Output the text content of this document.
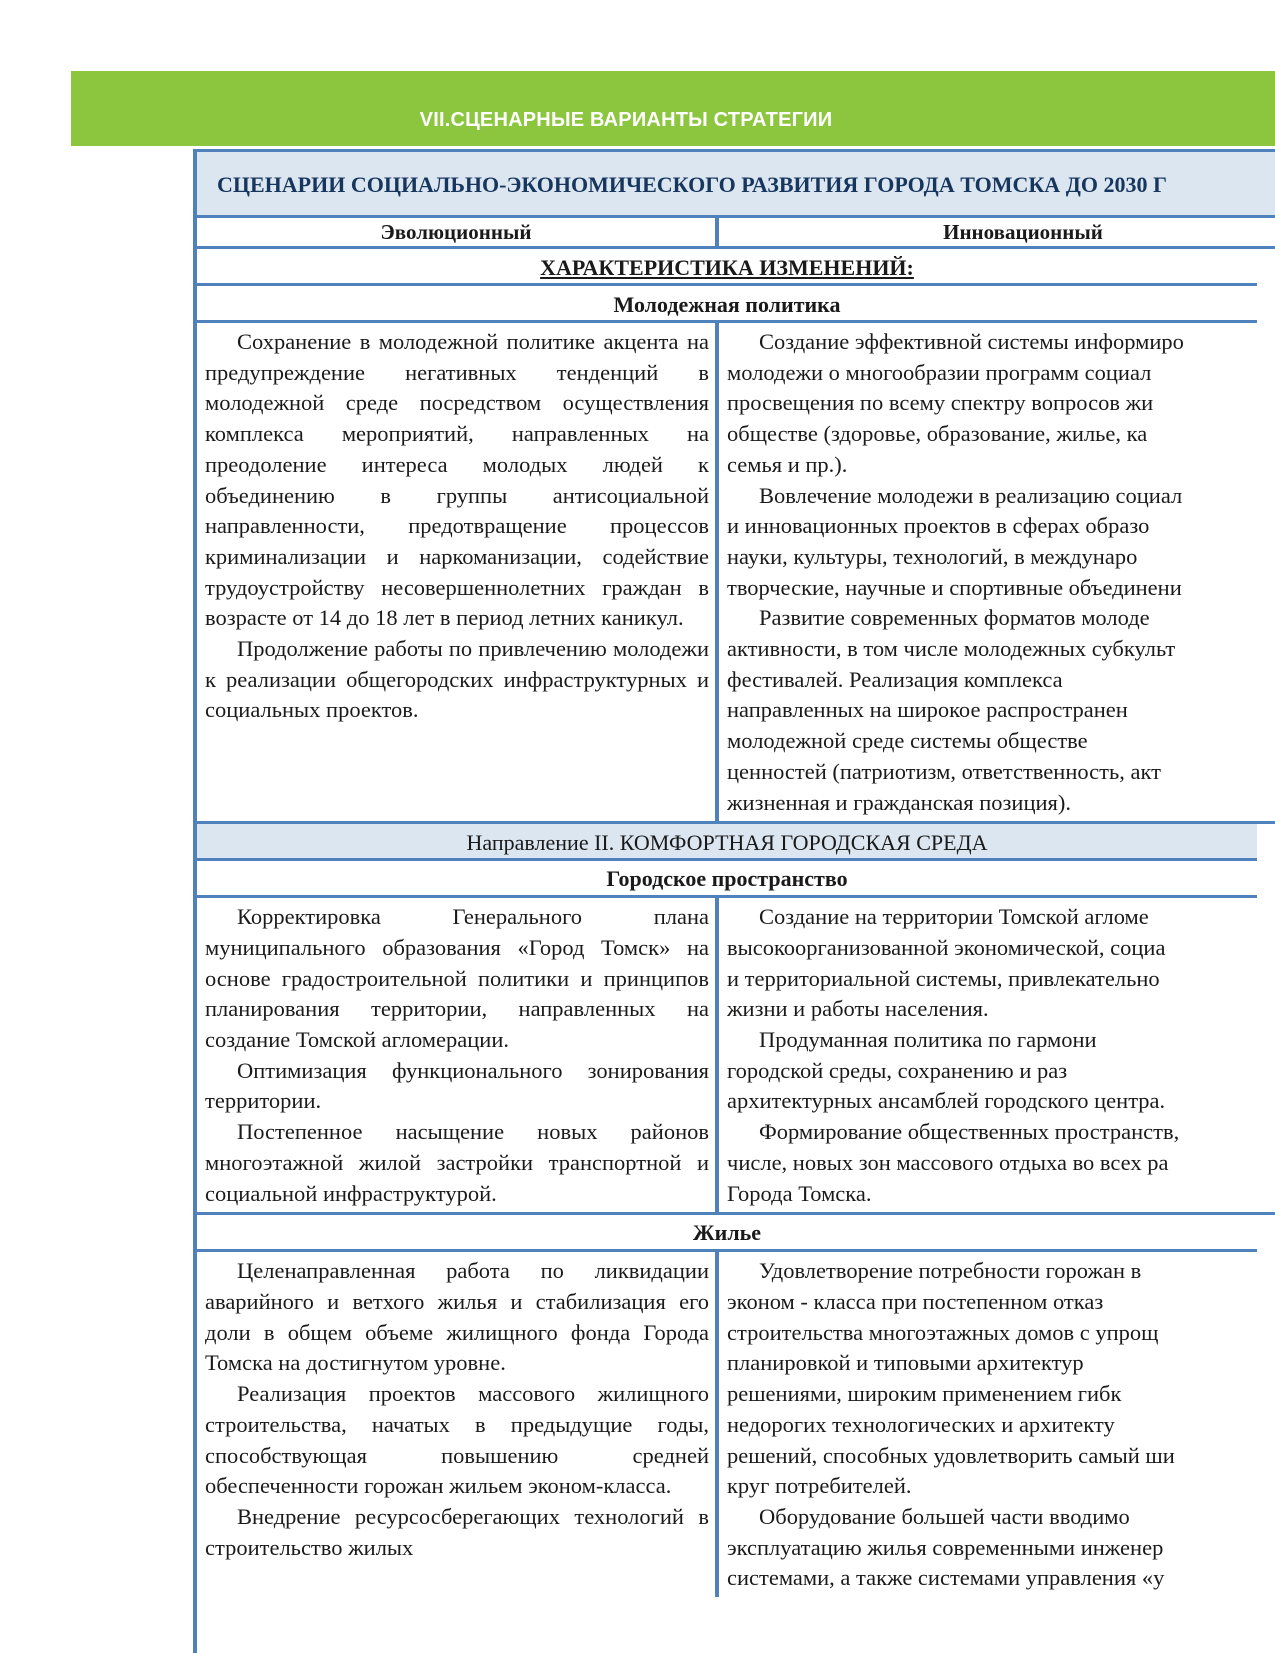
VII.СЦЕНАРНЫЕ ВАРИАНТЫ СТРАТЕГИИ
СЦЕНАРИИ СОЦИАЛЬНО-ЭКОНОМИЧЕСКОГО РАЗВИТИЯ ГОРОДА ТОМСКА ДО 2030 Г
Эволюционный	Инновационный
ХАРАКТЕРИСТИКА ИЗМЕНЕНИЙ:
Молодежная политика

Сохранение в молодежной политике акцента на предупреждение негативных тенденций в молодежной среде посредством осуществления комплекса мероприятий, направленных на преодоление интереса молодых людей к объединению в группы антисоциальной направленности, предотвращение процессов криминализации и наркоманизации, содействие трудоустройству несовершеннолетних граждан в возрасте от 14 до 18 лет в период летних каникул.

Продолжение работы по привлечению молодежи к реализации общегородских инфраструктурных и социальных проектов.

Создание эффективной системы информиро
молодежи о многообразии программ социал
просвещения по всему спектру вопросов жи
обществе (здоровье, образование, жилье, ка
семья и пр.).

Вовлечение молодежи в реализацию социал
и инновационных проектов в сферах образо
науки, культуры, технологий, в междунаро
творческие, научные и спортивные объединени

Развитие современных форматов молоде
активности, в том числе молодежных субкульт
фестивалей. Реализация комплекса
направленных на широкое распространен
молодежной среде системы обществе
ценностей (патриотизм, ответственность, акт
жизненная и гражданская позиция).

Направление II. КОМФОРТНАЯ ГОРОДСКАЯ СРЕДА
Городское пространство

Корректировка Генерального плана муниципального образования «Город Томск» на основе градостроительной политики и принципов планирования территории, направленных на создание Томской агломерации.

Оптимизация функционального зонирования территории.

Постепенное насыщение новых районов многоэтажной жилой застройки транспортной и социальной инфраструктурой.

Создание на территории Томской агломе
высокоорганизованной экономической, социа
и территориальной системы, привлекательно
жизни и работы населения.

Продуманная политика по гармони
городской среды, сохранению и раз
архитектурных ансамблей городского центра.

Формирование общественных пространств,
числе, новых зон массового отдыха во всех ра
Города Томска.

Жилье

Целенаправленная работа по ликвидации аварийного и ветхого жилья и стабилизация его доли в общем объеме жилищного фонда Города Томска на достигнутом уровне.

Реализация проектов массового жилищного строительства, начатых в предыдущие годы, способствующая повышению средней обеспеченности горожан жильем эконом-класса.

Внедрение ресурсосберегающих технологий в строительство жилых

Удовлетворение потребности горожан в
эконом - класса при постепенном отказ
строительства многоэтажных домов с упрощ
планировкой и типовыми архитектур
решениями, широким применением гибк
недорогих технологических и архитекту
решений, способных удовлетворить самый ши
круг потребителей.

Оборудование большей части вводимо
эксплуатацию жилья современными инженер
системами, а также системами управления «у
